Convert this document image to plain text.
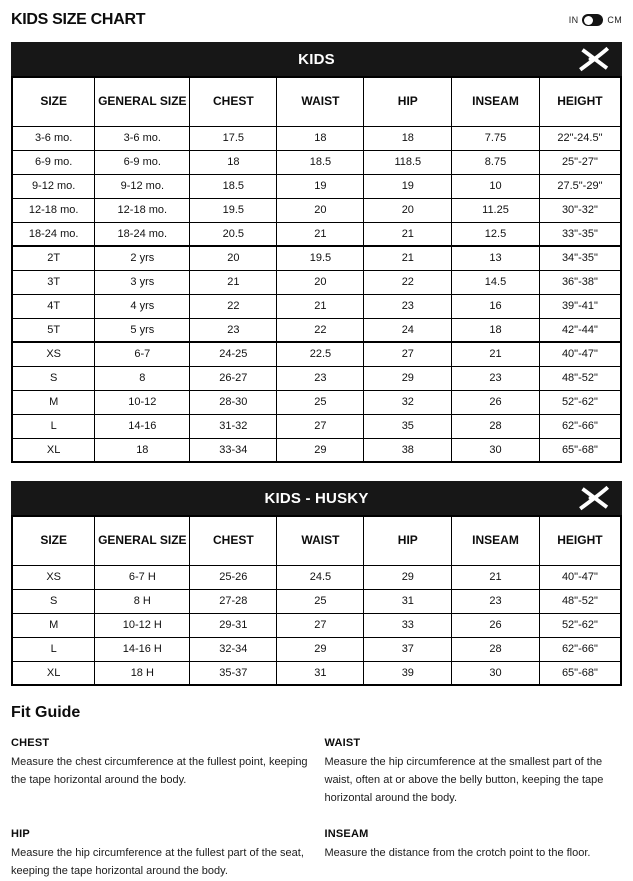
KIDS SIZE CHART	IN	CM
KIDS
SIZE	GENERAL SIZE	CHEST	WAIST	HIP	INSEAM	HEIGHT
3-6 mo.	3-6 mo.	17.5	18	18	7.75	22"-24.5"
6-9 mo.	6-9 mo.	18	18.5	118.5	8.75	25"-27"
9-12 mo.	9-12 mo.	18.5	19	19	10	27.5"-29"
12-18 mo.	12-18 mo.	19.5	20	20	11.25	30"-32"
18-24 mo.	18-24 mo.	20.5	21	21	12.5	33"-35"
2T	2 yrs	20	19.5	21	13	34"-35"
3T	3 yrs	21	20	22	14.5	36"-38"
4T	4 yrs	22	21	23	16	39"-41"
5T	5 yrs	23	22	24	18	42"-44"
XS	6-7	24-25	22.5	27	21	40"-47"
S	8	26-27	23	29	23	48"-52"
M	10-12	28-30	25	32	26	52"-62"
L	14-16	31-32	27	35	28	62"-66"
XL	18	33-34	29	38	30	65"-68"
KIDS - HUSKY
SIZE	GENERAL SIZE	CHEST	WAIST	HIP	INSEAM	HEIGHT
XS	6-7 H	25-26	24.5	29	21	40"-47"
S	8 H	27-28	25	31	23	48"-52"
M	10-12 H	29-31	27	33	26	52"-62"
L	14-16 H	32-34	29	37	28	62"-66"
XL	18 H	35-37	31	39	30	65"-68"
Fit Guide
CHEST
Measure the chest circumference at the fullest point, keeping the tape horizontal around the body.
WAIST
Measure the hip circumference at the smallest part of the waist, often at or above the belly button, keeping the tape horizontal around the body.
HIP
Measure the hip circumference at the fullest part of the seat, keeping the tape horizontal around the body.
INSEAM
Measure the distance from the crotch point to the floor.
